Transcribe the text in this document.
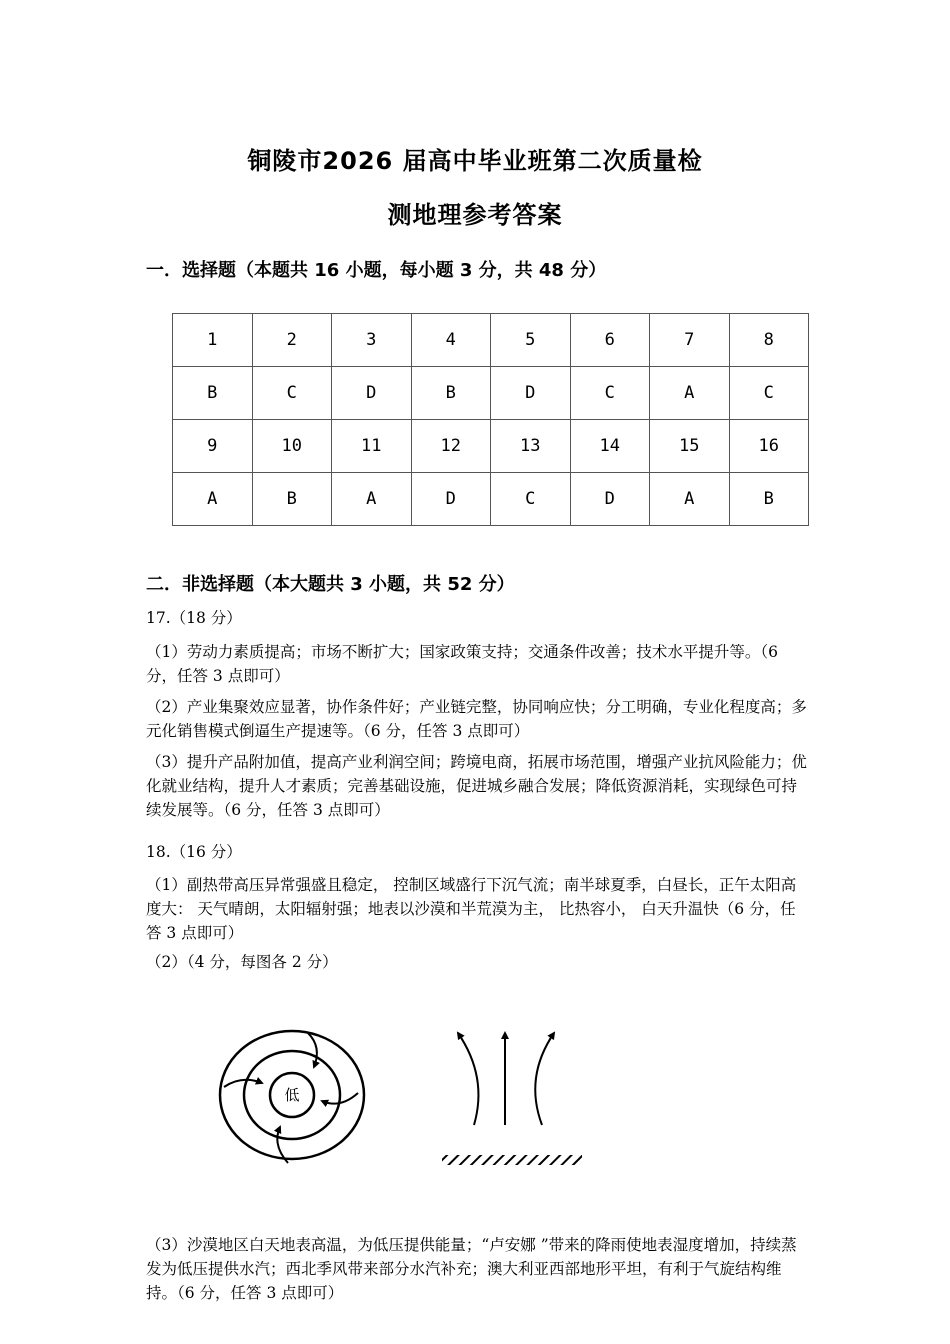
铜陵市2026 届高中毕业班第二次质量检
测地理参考答案
一．选择题（本题共 16 小题，每小题 3 分，共 48 分）
1	2	3	4	5	6	7	8
B	C	D	B	D	C	A	C
9	10	11	12	13	14	15	16
A	B	A	D	C	D	A	B
二．非选择题（本大题共 3 小题，共 52 分）
17.（18 分）
（1）劳动力素质提高；市场不断扩大；国家政策支持；交通条件改善；技术水平提升等。（6 分，任答 3 点即可）
（2）产业集聚效应显著，协作条件好；产业链完整，协同响应快；分工明确，专业化程度高；多元化销售模式倒逼生产提速等。（6 分，任答 3 点即可）
（3）提升产品附加值，提高产业利润空间；跨境电商，拓展市场范围，增强产业抗风险能力；优化就业结构，提升人才素质；完善基础设施，促进城乡融合发展；降低资源消耗，实现绿色可持续发展等。（6 分，任答 3 点即可）
18.（16 分）
（1）副热带高压异常强盛且稳定， 控制区域盛行下沉气流；南半球夏季，白昼长，正午太阳高度大： 天气晴朗，太阳辐射强；地表以沙漠和半荒漠为主， 比热容小， 白天升温快（6 分，任答 3 点即可）
（2）（4 分，每图各 2 分）
低
（3）沙漠地区白天地表高温，为低压提供能量；“卢安娜 ”带来的降雨使地表湿度增加，持续蒸发为低压提供水汽；西北季风带来部分水汽补充；澳大利亚西部地形平坦，有利于气旋结构维持。（6 分，任答 3 点即可）
